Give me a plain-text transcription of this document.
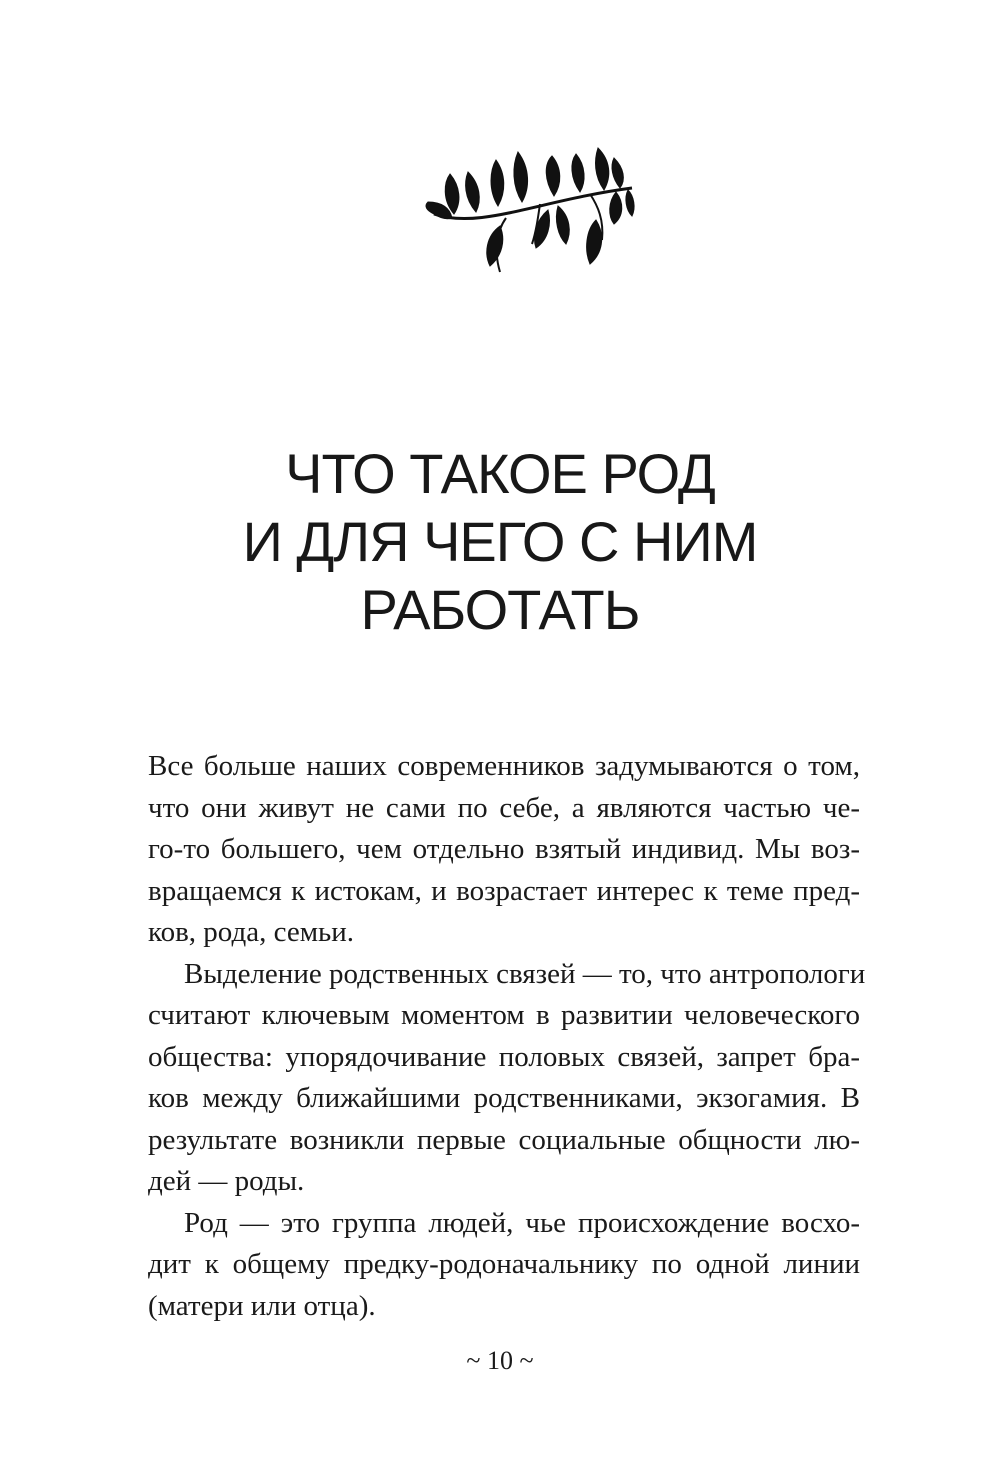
ЧТО ТАКОЕ РОД
И ДЛЯ ЧЕГО С НИМ
РАБОТАТЬ

Все больше наших современников задумываются о том,
что они живут не сами по себе, а являются частью че-
го-то большего, чем отдельно взятый индивид. Мы воз-
вращаемся к истокам, и возрастает интерес к теме пред-
ков, рода, семьи.

Выделение родственных связей — то, что антропологи
считают ключевым моментом в развитии человеческого
общества: упорядочивание половых связей, запрет бра-
ков между ближайшими родственниками, экзогамия. В
результате возникли первые социальные общности лю-
дей — роды.

Род — это группа людей, чье происхождение восхо-
дит к общему предку-родоначальнику по одной линии
(матери или отца).

~ 10 ~
